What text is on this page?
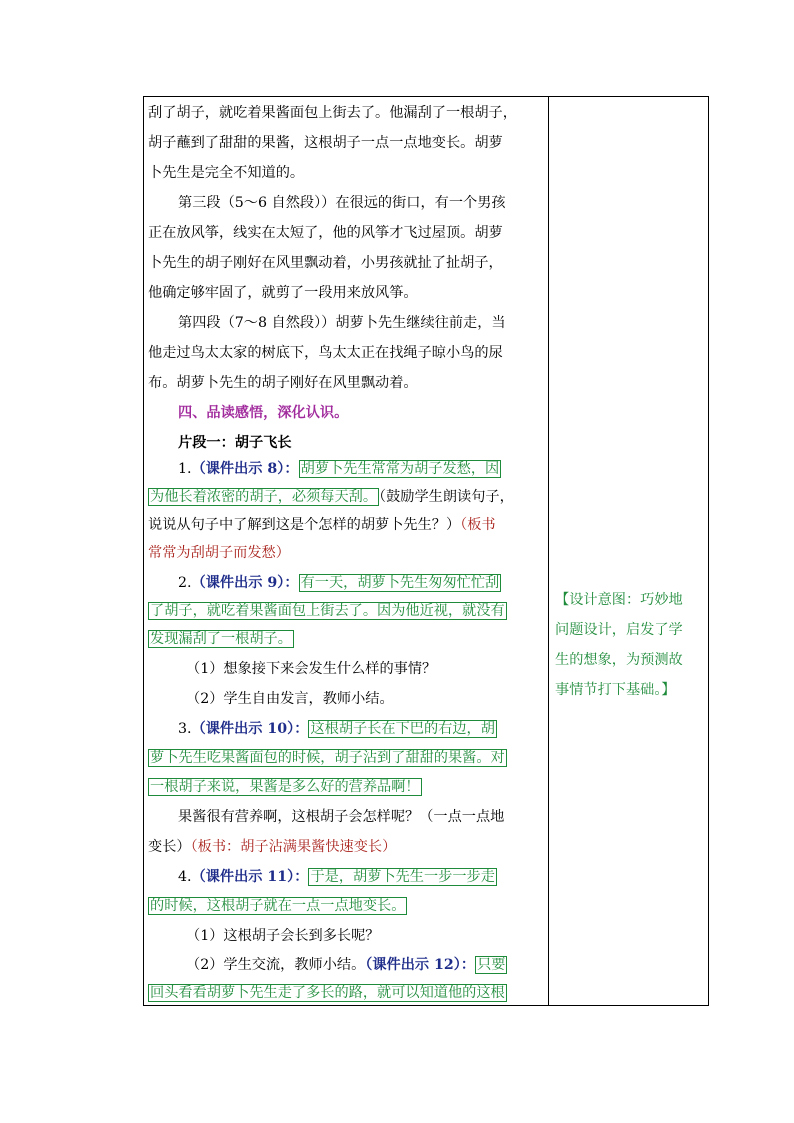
刮了胡子，就吃着果酱面包上街去了。他漏刮了一根胡子，
胡子蘸到了甜甜的果酱，这根胡子一点一点地变长。胡萝
卜先生是完全不知道的。
第三段（5～6 自然段））在很远的街口，有一个男孩
正在放风筝，线实在太短了，他的风筝才飞过屋顶。胡萝
卜先生的胡子刚好在风里飘动着，小男孩就扯了扯胡子，
他确定够牢固了，就剪了一段用来放风筝。
第四段（7～8 自然段））胡萝卜先生继续往前走，当
他走过鸟太太家的树底下，鸟太太正在找绳子晾小鸟的尿
布。胡萝卜先生的胡子刚好在风里飘动着。
四、品读感悟，深化认识。
片段一：胡子飞长
1.（课件出示 8）： 胡萝卜先生常常为胡子发愁，因
为他长着浓密的胡子，必须每天刮。 （鼓励学生朗读句子，
说说从句子中了解到这是个怎样的胡萝卜先生？）（板书
常常为刮胡子而发愁）
2.（课件出示 9）： 有一天，胡萝卜先生匆匆忙忙刮
了胡子，就吃着果酱面包上街去了。因为他近视，就没有
发现漏刮了一根胡子。
（1）想象接下来会发生什么样的事情？
（2）学生自由发言，教师小结。
3.（课件出示 10）： 这根胡子长在下巴的右边，胡
萝卜先生吃果酱面包的时候，胡子沾到了甜甜的果酱。对
一根胡子来说，果酱是多么好的营养品啊！
果酱很有营养啊，这根胡子会怎样呢？（一点一点地
变长）（板书：胡子沾满果酱快速变长）
4.（课件出示 11）： 于是，胡萝卜先生一步一步走
的时候，这根胡子就在一点一点地变长。
（1）这根胡子会长到多长呢？
（2）学生交流，教师小结。（课件出示 12）： 只要
回头看看胡萝卜先生走了多长的路，就可以知道他的这根
【设计意图：巧妙地
问题设计，启发了学
生的想象，为预测故
事情节打下基础。】
